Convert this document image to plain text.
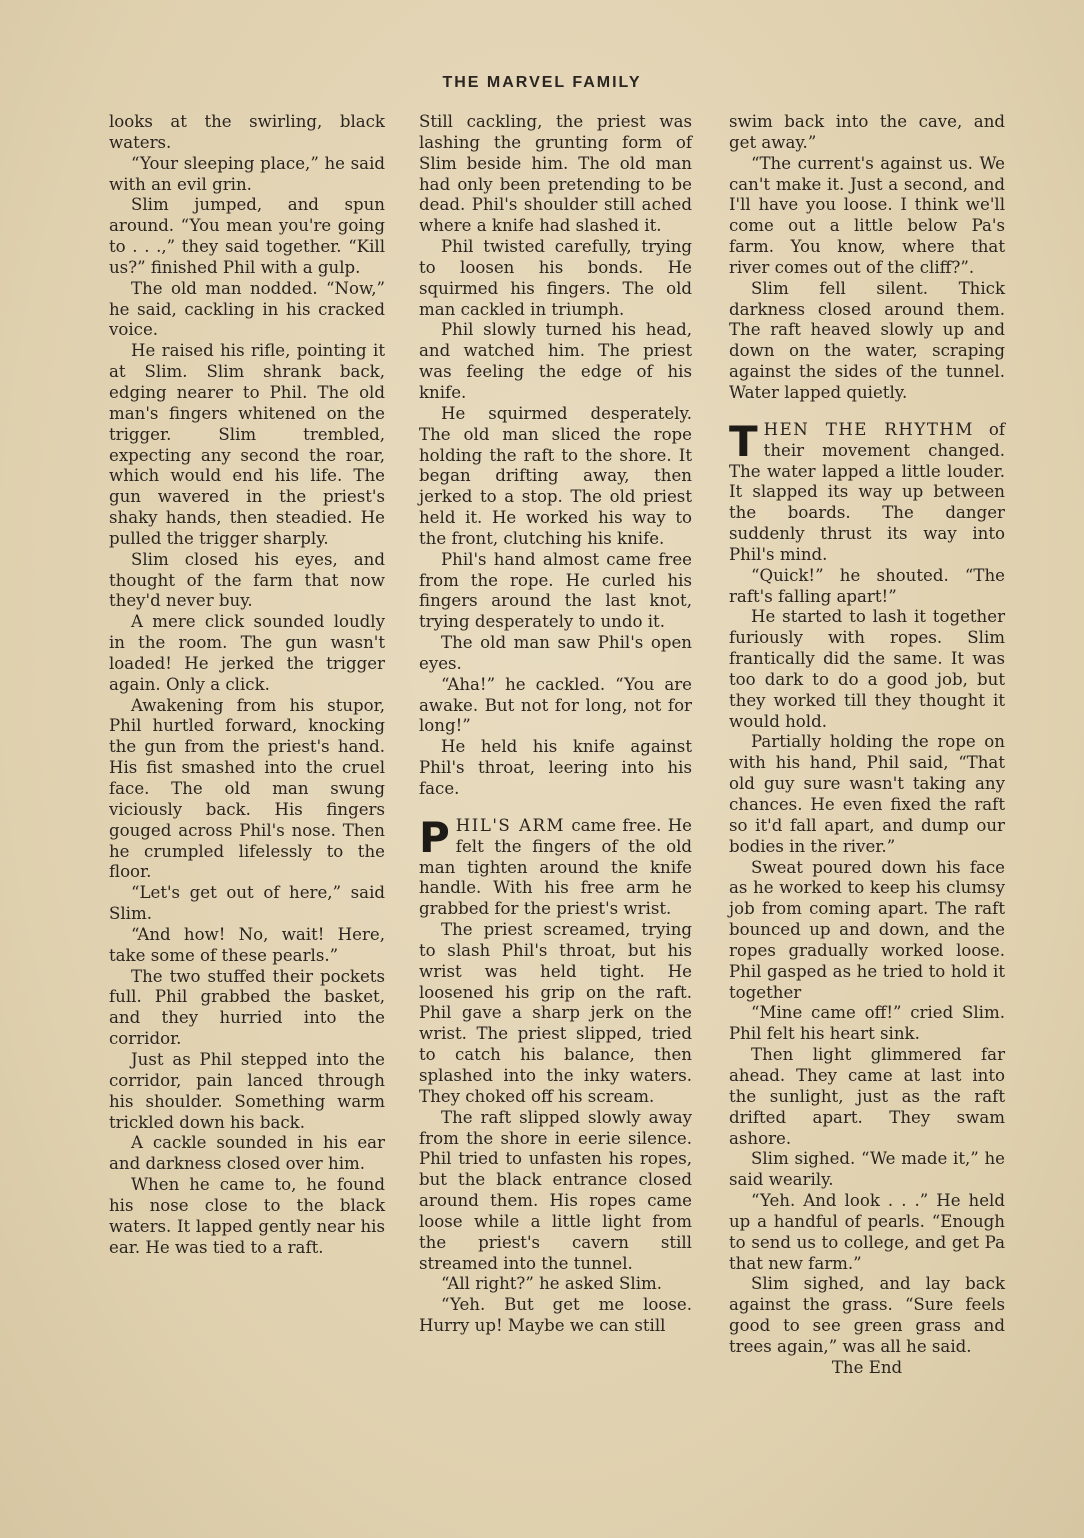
THE MARVEL FAMILY

looks at the swirling, black waters.

“Your sleeping place,” he said with an evil grin.

Slim jumped, and spun around. “You mean you're going to . . .,” they said together. “Kill us?” finished Phil with a gulp.

The old man nodded. “Now,” he said, cackling in his cracked voice.

He raised his rifle, pointing it at Slim. Slim shrank back, edging nearer to Phil. The old man's fingers whitened on the trigger. Slim trembled, expecting any second the roar, which would end his life. The gun wavered in the priest's shaky hands, then steadied. He pulled the trigger sharply.

Slim closed his eyes, and thought of the farm that now they'd never buy.

A mere click sounded loudly in the room. The gun wasn't loaded! He jerked the trigger again. Only a click.

Awakening from his stupor, Phil hurtled forward, knocking the gun from the priest's hand. His fist smashed into the cruel face. The old man swung viciously back. His fingers gouged across Phil's nose. Then he crumpled lifelessly to the floor.

“Let's get out of here,” said Slim.

“And how! No, wait! Here, take some of these pearls.”

The two stuffed their pockets full. Phil grabbed the basket, and they hurried into the corridor.

Just as Phil stepped into the corridor, pain lanced through his shoulder. Something warm trickled down his back.

A cackle sounded in his ear and darkness closed over him.

When he came to, he found his nose close to the black waters. It lapped gently near his ear. He was tied to a raft.

Still cackling, the priest was lashing the grunting form of Slim beside him. The old man had only been pretending to be dead. Phil's shoulder still ached where a knife had slashed it.

Phil twisted carefully, trying to loosen his bonds. He squirmed his fingers. The old man cackled in triumph.

Phil slowly turned his head, and watched him. The priest was feeling the edge of his knife.

He squirmed desperately. The old man sliced the rope holding the raft to the shore. It began drifting away, then jerked to a stop. The old priest held it. He worked his way to the front, clutching his knife.

Phil's hand almost came free from the rope. He curled his fingers around the last knot, trying desperately to undo it.

The old man saw Phil's open eyes.

“Aha!” he cackled. “You are awake. But not for long, not for long!”

He held his knife against Phil's throat, leering into his face.

PHIL'S ARM came free. He felt the fingers of the old man tighten around the knife handle. With his free arm he grabbed for the priest's wrist.

The priest screamed, trying to slash Phil's throat, but his wrist was held tight. He loosened his grip on the raft. Phil gave a sharp jerk on the wrist. The priest slipped, tried to catch his balance, then splashed into the inky waters. They choked off his scream.

The raft slipped slowly away from the shore in eerie silence. Phil tried to unfasten his ropes, but the black entrance closed around them. His ropes came loose while a little light from the priest's cavern still streamed into the tunnel.

“All right?” he asked Slim.

“Yeh. But get me loose. Hurry up! Maybe we can still

swim back into the cave, and get away.”

“The current's against us. We can't make it. Just a second, and I'll have you loose. I think we'll come out a little below Pa's farm. You know, where that river comes out of the cliff?”.

Slim fell silent. Thick darkness closed around them. The raft heaved slowly up and down on the water, scraping against the sides of the tunnel. Water lapped quietly.

THEN THE RHYTHM of their movement changed. The water lapped a little louder. It slapped its way up between the boards. The danger suddenly thrust its way into Phil's mind.

“Quick!” he shouted. “The raft's falling apart!”

He started to lash it together furiously with ropes. Slim frantically did the same. It was too dark to do a good job, but they worked till they thought it would hold.

Partially holding the rope on with his hand, Phil said, “That old guy sure wasn't taking any chances. He even fixed the raft so it'd fall apart, and dump our bodies in the river.”

Sweat poured down his face as he worked to keep his clumsy job from coming apart. The raft bounced up and down, and the ropes gradually worked loose. Phil gasped as he tried to hold it together

“Mine came off!” cried Slim. Phil felt his heart sink.

Then light glimmered far ahead. They came at last into the sunlight, just as the raft drifted apart. They swam ashore.

Slim sighed. “We made it,” he said wearily.

“Yeh. And look . . .” He held up a handful of pearls. “Enough to send us to college, and get Pa that new farm.”

Slim sighed, and lay back against the grass. “Sure feels good to see green grass and trees again,” was all he said.

The End
